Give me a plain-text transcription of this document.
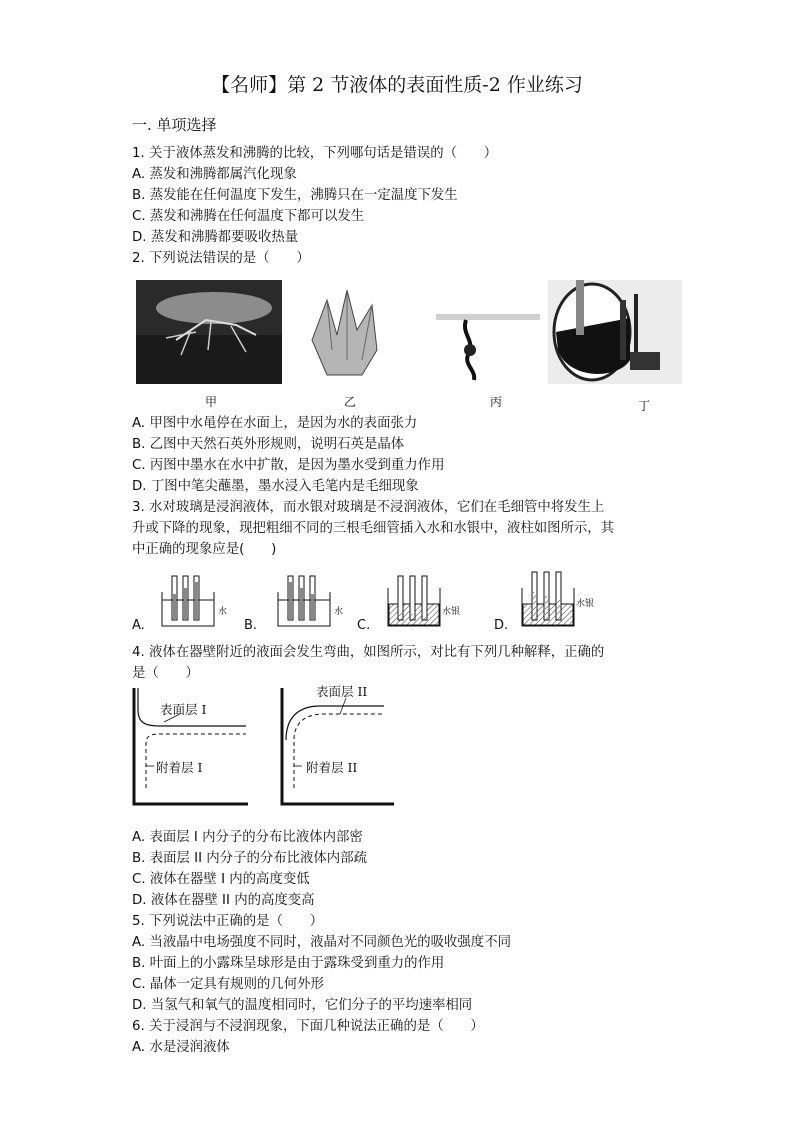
【名师】第 2 节液体的表面性质-2 作业练习
一. 单项选择
1. 关于液体蒸发和沸腾的比较，下列哪句话是错误的（　　）
A. 蒸发和沸腾都属汽化现象
B. 蒸发能在任何温度下发生，沸腾只在一定温度下发生
C. 蒸发和沸腾在任何温度下都可以发生
D. 蒸发和沸腾都要吸收热量
2. 下列说法错误的是（　　）
甲	乙	丙	丁
A. 甲图中水黾停在水面上，是因为水的表面张力
B. 乙图中天然石英外形规则，说明石英是晶体
C. 丙图中墨水在水中扩散，是因为墨水受到重力作用
D. 丁图中笔尖蘸墨，墨水浸入毛笔内是毛细现象
3. 水对玻璃是浸润液体，而水银对玻璃是不浸润液体，它们在毛细管中将发生上
升或下降的现象，现把粗细不同的三根毛细管插入水和水银中，液柱如图所示，其
中正确的现象应是(　　)
水	水	水银
水银
A.	B.	C.	D.
4. 液体在器壁附近的液面会发生弯曲，如图所示，对比有下列几种解释，正确的
是（　　）
表面层 I
附着层 I
表面层 II
附着层 II
A. 表面层 I 内分子的分布比液体内部密
B. 表面层 II 内分子的分布比液体内部疏
C. 液体在器壁 I 内的高度变低
D. 液体在器壁 II 内的高度变高
5. 下列说法中正确的是（　　）
A. 当液晶中电场强度不同时，液晶对不同颜色光的吸收强度不同
B. 叶面上的小露珠呈球形是由于露珠受到重力的作用
C. 晶体一定具有规则的几何外形
D. 当氢气和氧气的温度相同时，它们分子的平均速率相同
6. 关于浸润与不浸润现象，下面几种说法正确的是（　　）
A. 水是浸润液体
